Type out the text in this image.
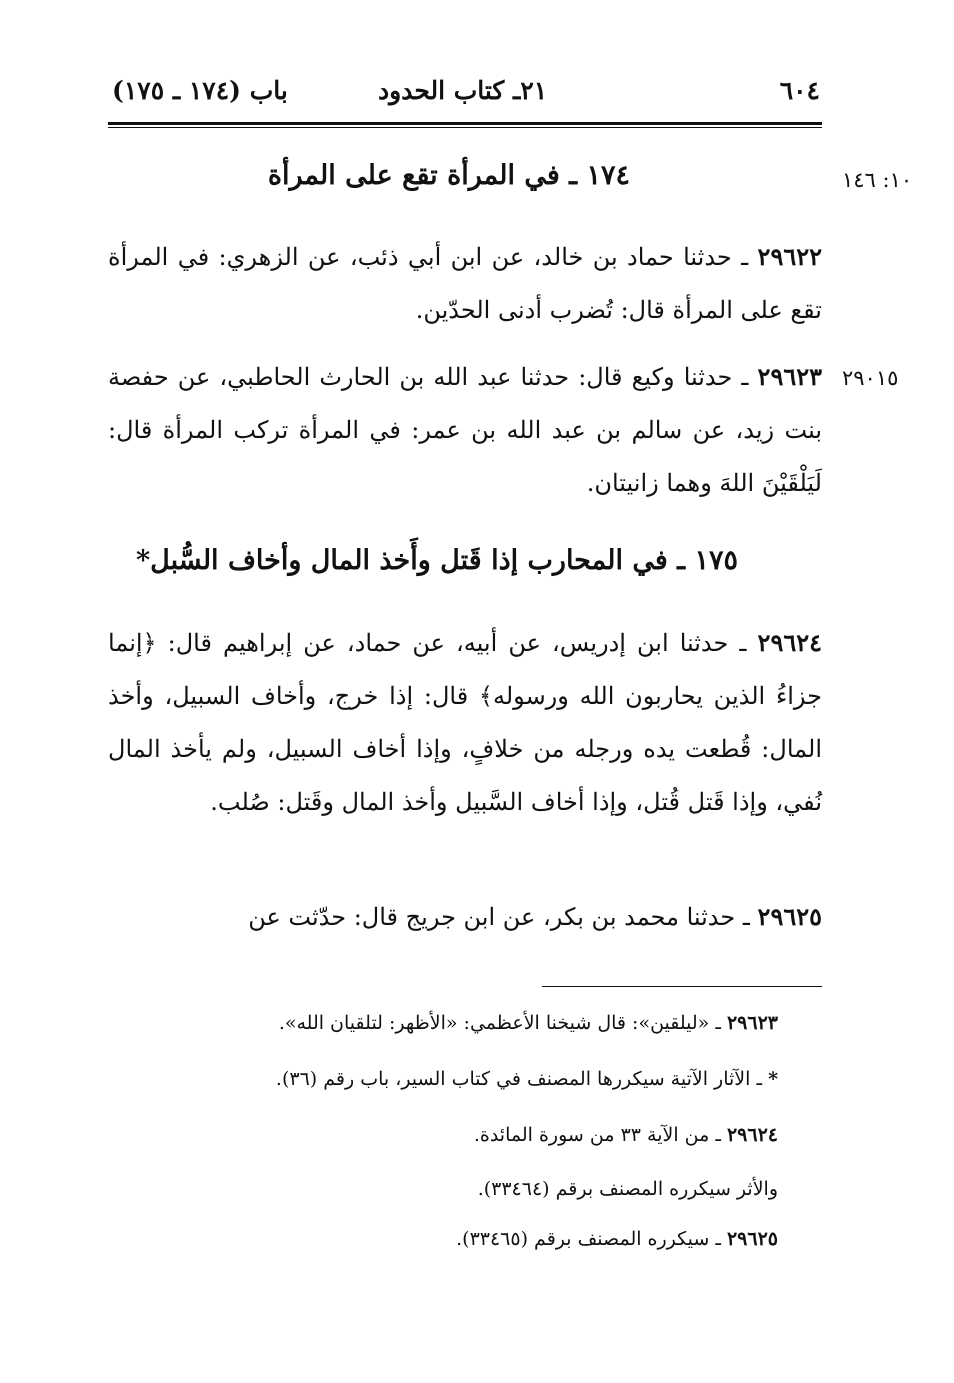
٦٠٤
٢١ـ كتاب الحدود
باب (١٧٤ ـ ١٧٥)
١٠: ١٤٦
١٧٤ ـ في المرأة تقع على المرأة
٢٩٦٢٢ ـ حدثنا حماد بن خالد، عن ابن أبي ذئب، عن الزهري: في المرأة تقع على المرأة قال: تُضرب أدنى الحدّين.
٢٩٠١٥
٢٩٦٢٣ ـ حدثنا وكيع قال: حدثنا عبد الله بن الحارث الحاطبي، عن حفصة بنت زيد، عن سالم بن عبد الله بن عمر: في المرأة تركب المرأة قال: لَيَلْقَيْنَ اللهَ وهما زانيتان.
١٧٥ ـ في المحارب إذا قَتل وأَخذ المال وأخاف السُّبل*
٢٩٦٢٤ ـ حدثنا ابن إدريس، عن أبيه، عن حماد، عن إبراهيم قال: ﴿إنما جزاءُ الذين يحاربون الله ورسوله﴾ قال: إذا خرج، وأخاف السبيل، وأخذ المال: قُطعت يده ورجله من خلافٍ، وإذا أخاف السبيل، ولم يأخذ المال نُفي، وإذا قَتل قُتل، وإذا أخاف السَّبيل وأخذ المال وقَتل: صُلب.
٢٩٦٢٥ ـ حدثنا محمد بن بكر، عن ابن جريج قال: حدّثت عن
٢٩٦٢٣ ـ «ليلقين»: قال شيخنا الأعظمي: «الأظهر: لتلقيان الله».
* ـ الآثار الآتية سيكررها المصنف في كتاب السير، باب رقم (٣٦).
٢٩٦٢٤ ـ من الآية ٣٣ من سورة المائدة.
والأثر سيكرره المصنف برقم (٣٣٤٦٤).
٢٩٦٢٥ ـ سيكرره المصنف برقم (٣٣٤٦٥).
